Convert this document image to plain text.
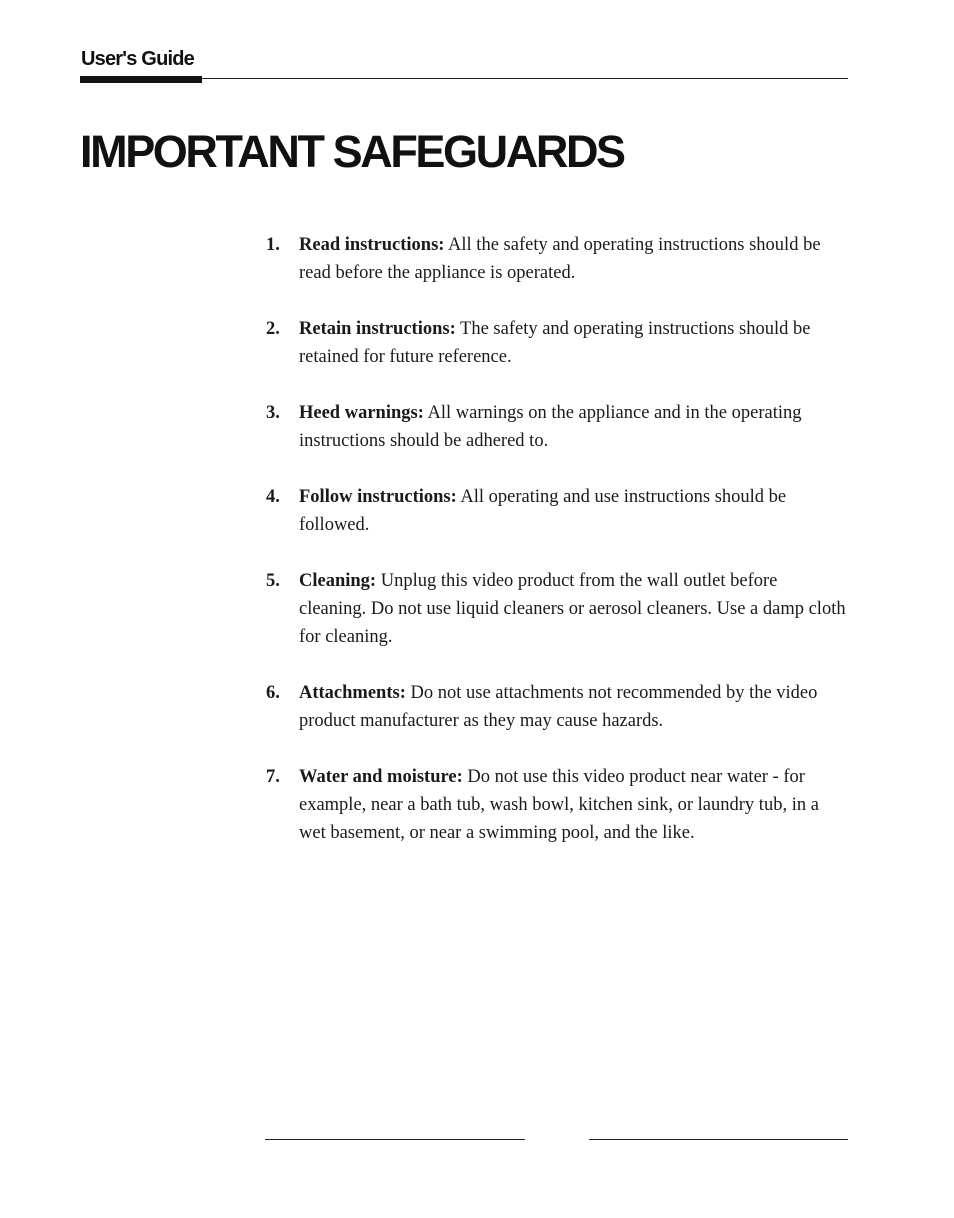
User's Guide
IMPORTANT SAFEGUARDS
1. Read instructions: All the safety and operating instructions should be read before the appliance is operated.
2. Retain instructions: The safety and operating instructions should be retained for future reference.
3. Heed warnings: All warnings on the appliance and in the operating instructions should be adhered to.
4. Follow instructions: All operating and use instructions should be followed.
5. Cleaning: Unplug this video product from the wall outlet before cleaning. Do not use liquid cleaners or aerosol cleaners. Use a damp cloth for cleaning.
6. Attachments: Do not use attachments not recommended by the video product manufacturer as they may cause hazards.
7. Water and moisture: Do not use this video product near water - for example, near a bath tub, wash bowl, kitchen sink, or laundry tub, in a wet basement, or near a swimming pool, and the like.
